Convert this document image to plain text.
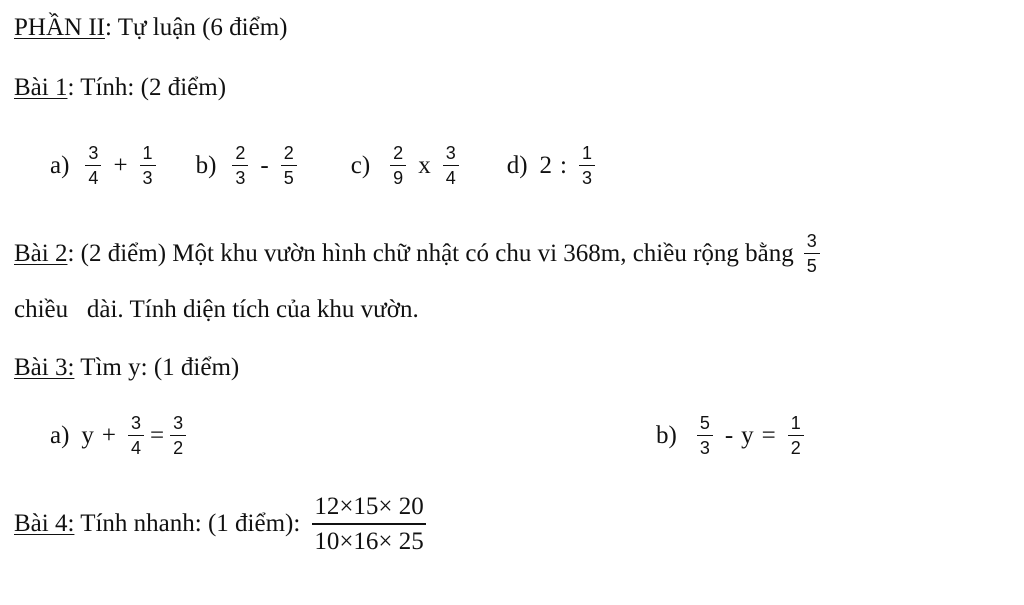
PHẦN II : Tự luận (6 điểm)
Bài 1 : Tính: (2 điểm)
$a) \frac{3}{4} + \frac{1}{3} b) \frac{2}{3} - \frac{2}{5} c) \frac{2}{9}$ x $\frac{3}{4} d$) 2 : $\frac{1}{3}$
Bài 2 : (2 điểm) Một khu vườn hình chữ nhật có chu vi 368m, chiều rộng bằng $\frac{3}{5}$
chiều   dài. Tính diện tích của khu vườn.
Bài 3: Tìm y: (1 điểm)
a) $y + \frac{3}{4} = \frac{3}{2}$	$b) \frac{5}{3} - y = \frac{1}{2}$
Bài 4: Tính nhanh: (1 điểm): $\frac{12\times 15\times 20}{10\times 16\times 25}$
